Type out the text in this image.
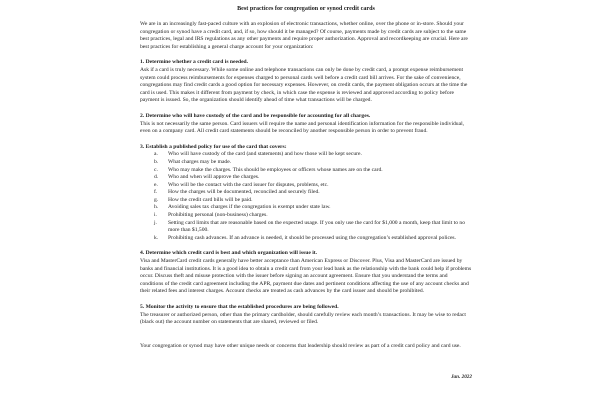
Best practices for congregation or synod credit cards

We are in an increasingly fast-paced culture with an explosion of electronic transactions, whether online, over the phone or in-store. Should your congregation or synod have a credit card, and, if so, how should it be managed? Of course, payments made by credit cards are subject to the same best practices, legal and IRS regulations as any other payments and require proper authorization. Approval and recordkeeping are crucial. Here are best practices for establishing a general charge account for your organization:

1. Determine whether a credit card is needed.

Ask if a card is truly necessary. While some online and telephone transactions can only be done by credit card, a prompt expense reimbursement system could process reimbursements for expenses charged to personal cards well before a credit card bill arrives. For the sake of convenience, congregations may find credit cards a good option for necessary expenses. However, on credit cards, the payment obligation occurs at the time the card is used. This makes it different from payment by check, in which case the expense is reviewed and approved according to policy before payment is issued. So, the organization should identify ahead of time what transactions will be charged.

2. Determine who will have custody of the card and be responsible for accounting for all charges.

This is not necessarily the same person. Card issuers will require the name and personal identification information for the responsible individual, even on a company card. All credit card statements should be reconciled by another responsible person in order to prevent fraud.

3. Establish a published policy for use of the card that covers:
a.	Who will have custody of the card (and statements) and how those will be kept secure.
b.	What charges may be made.
c.	Who may make the charges. This should be employees or officers whose names are on the card.
d.	Who and when will approve the charges.
e.	Who will be the contact with the card issuer for disputes, problems, etc.
f.	How the charges will be documented, reconciled and securely filed.
g.	How the credit card bills will be paid.
h.	Avoiding sales tax charges if the congregation is exempt under state law.
i.	Prohibiting personal (non-business) charges.
j.	Setting card limits that are reasonable based on the expected usage. If you only use the card for $1,000 a month, keep that limit to no more than $1,500.
k.	Prohibiting cash advances. If an advance is needed, it should be processed using the congregation’s established approval polices.
4. Determine which credit card is best and which organization will issue it.

Visa and MasterCard credit cards generally have better acceptance than American Express or Discover. Plus, Visa and MasterCard are issued by banks and financial institutions. It is a good idea to obtain a credit card from your lead bank as the relationship with the bank could help if problems occur. Discuss theft and misuse protection with the issuer before signing an account agreement. Ensure that you understand the terms and conditions of the credit card agreement including the APR, payment due dates and pertinent conditions affecting the use of any account checks and their related fees and interest charges. Account checks are treated as cash advances by the card issuer and should be prohibited.

5. Monitor the activity to ensure that the established procedures are being followed.

The treasurer or authorized person, other than the primary cardholder, should carefully review each month’s transactions. It may be wise to redact (black out) the account number on statements that are shared, reviewed or filed.

Your congregation or synod may have other unique needs or concerns that leadership should review as part of a credit card policy and card use.

Jan. 2022
